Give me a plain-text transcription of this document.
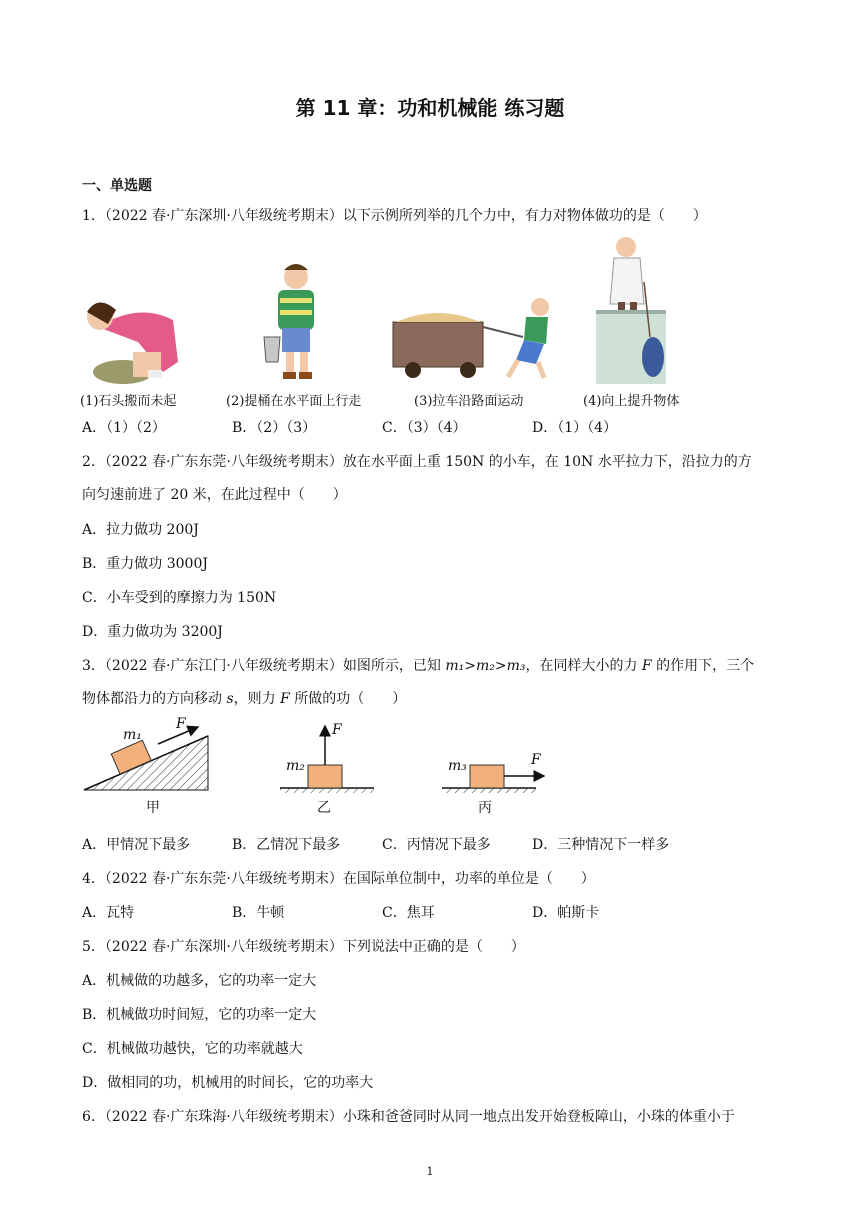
第 11 章：功和机械能 练习题
一、单选题
1．（2022 春·广东深圳·八年级统考期末）以下示例所列举的几个力中，有力对物体做功的是（　　）
(1)石头搬而未起	(2)提桶在水平面上行走	(3)拉车沿路面运动	(4)向上提升物体
A．（1）（2）	B．（2）（3）	C．（3）（4）	D．（1）（4）
2．（2022 春·广东东莞·八年级统考期末）放在水平面上重 150N 的小车，在 10N 水平拉力下，沿拉力的方
向匀速前进了 20 米，在此过程中（　　）
A．拉力做功 200J
B．重力做功 3000J
C．小车受到的摩擦力为 150N
D．重力做功为 3200J
3．（2022 春·广东江门·八年级统考期末）如图所示，已知 m₁>m₂>m₃，在同样大小的力 F 的作用下，三个
物体都沿力的方向移动 s，则力 F 所做的功（　　）
m₁
F
甲
m₂
F
乙
m₃	F
丙
A．甲情况下最多	B．乙情况下最多	C．丙情况下最多	D．三种情况下一样多
4．（2022 春·广东东莞·八年级统考期末）在国际单位制中，功率的单位是（　　）
A．瓦特	B．牛顿	C．焦耳	D．帕斯卡
5．（2022 春·广东深圳·八年级统考期末）下列说法中正确的是（　　）
A．机械做的功越多，它的功率一定大
B．机械做功时间短，它的功率一定大
C．机械做功越快，它的功率就越大
D．做相同的功，机械用的时间长，它的功率大
6．（2022 春·广东珠海·八年级统考期末）小珠和爸爸同时从同一地点出发开始登板障山，小珠的体重小于
1
